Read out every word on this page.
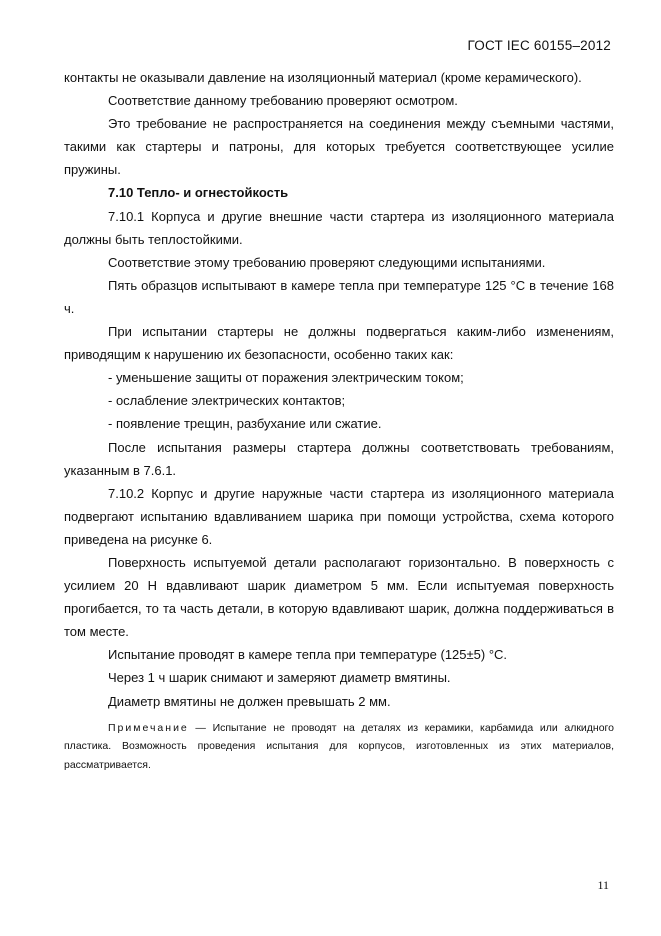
ГОСТ IEC 60155–2012

контакты не оказывали давление на изоляционный материал (кроме керамического).

Соответствие данному требованию проверяют осмотром.

Это требование не распространяется на соединения между съемными частями, такими как стартеры и патроны, для которых требуется соответствующее усилие пружины.

7.10 Тепло- и огнестойкость

7.10.1 Корпуса и другие внешние части стартера из изоляционного материала должны быть теплостойкими.

Соответствие этому требованию проверяют следующими испытаниями.

Пять образцов испытывают в камере тепла при температуре 125 °С в течение 168 ч.

При испытании стартеры не должны подвергаться каким-либо изменениям, приводящим к нарушению их безопасности, особенно таких как:

- уменьшение защиты от поражения электрическим током;

- ослабление электрических контактов;

- появление трещин, разбухание или сжатие.

После испытания размеры стартера должны соответствовать требованиям, указанным в 7.6.1.

7.10.2 Корпус и другие наружные части стартера из изоляционного материала подвергают испытанию вдавливанием шарика при помощи устройства, схема которого приведена на рисунке 6.

Поверхность испытуемой детали располагают горизонтально. В поверхность с усилием 20 Н вдавливают шарик диаметром 5 мм. Если испытуемая поверхность прогибается, то та часть детали, в которую вдавливают шарик, должна поддерживаться в том месте.

Испытание проводят в камере тепла при температуре (125±5) °С.

Через 1 ч шарик снимают и замеряют диаметр вмятины.

Диаметр вмятины не должен превышать 2 мм.

Примечание — Испытание не проводят на деталях из керамики, карбамида или алкидного пластика. Возможность проведения испытания для корпусов, изготовленных из этих материалов, рассматривается.

11
